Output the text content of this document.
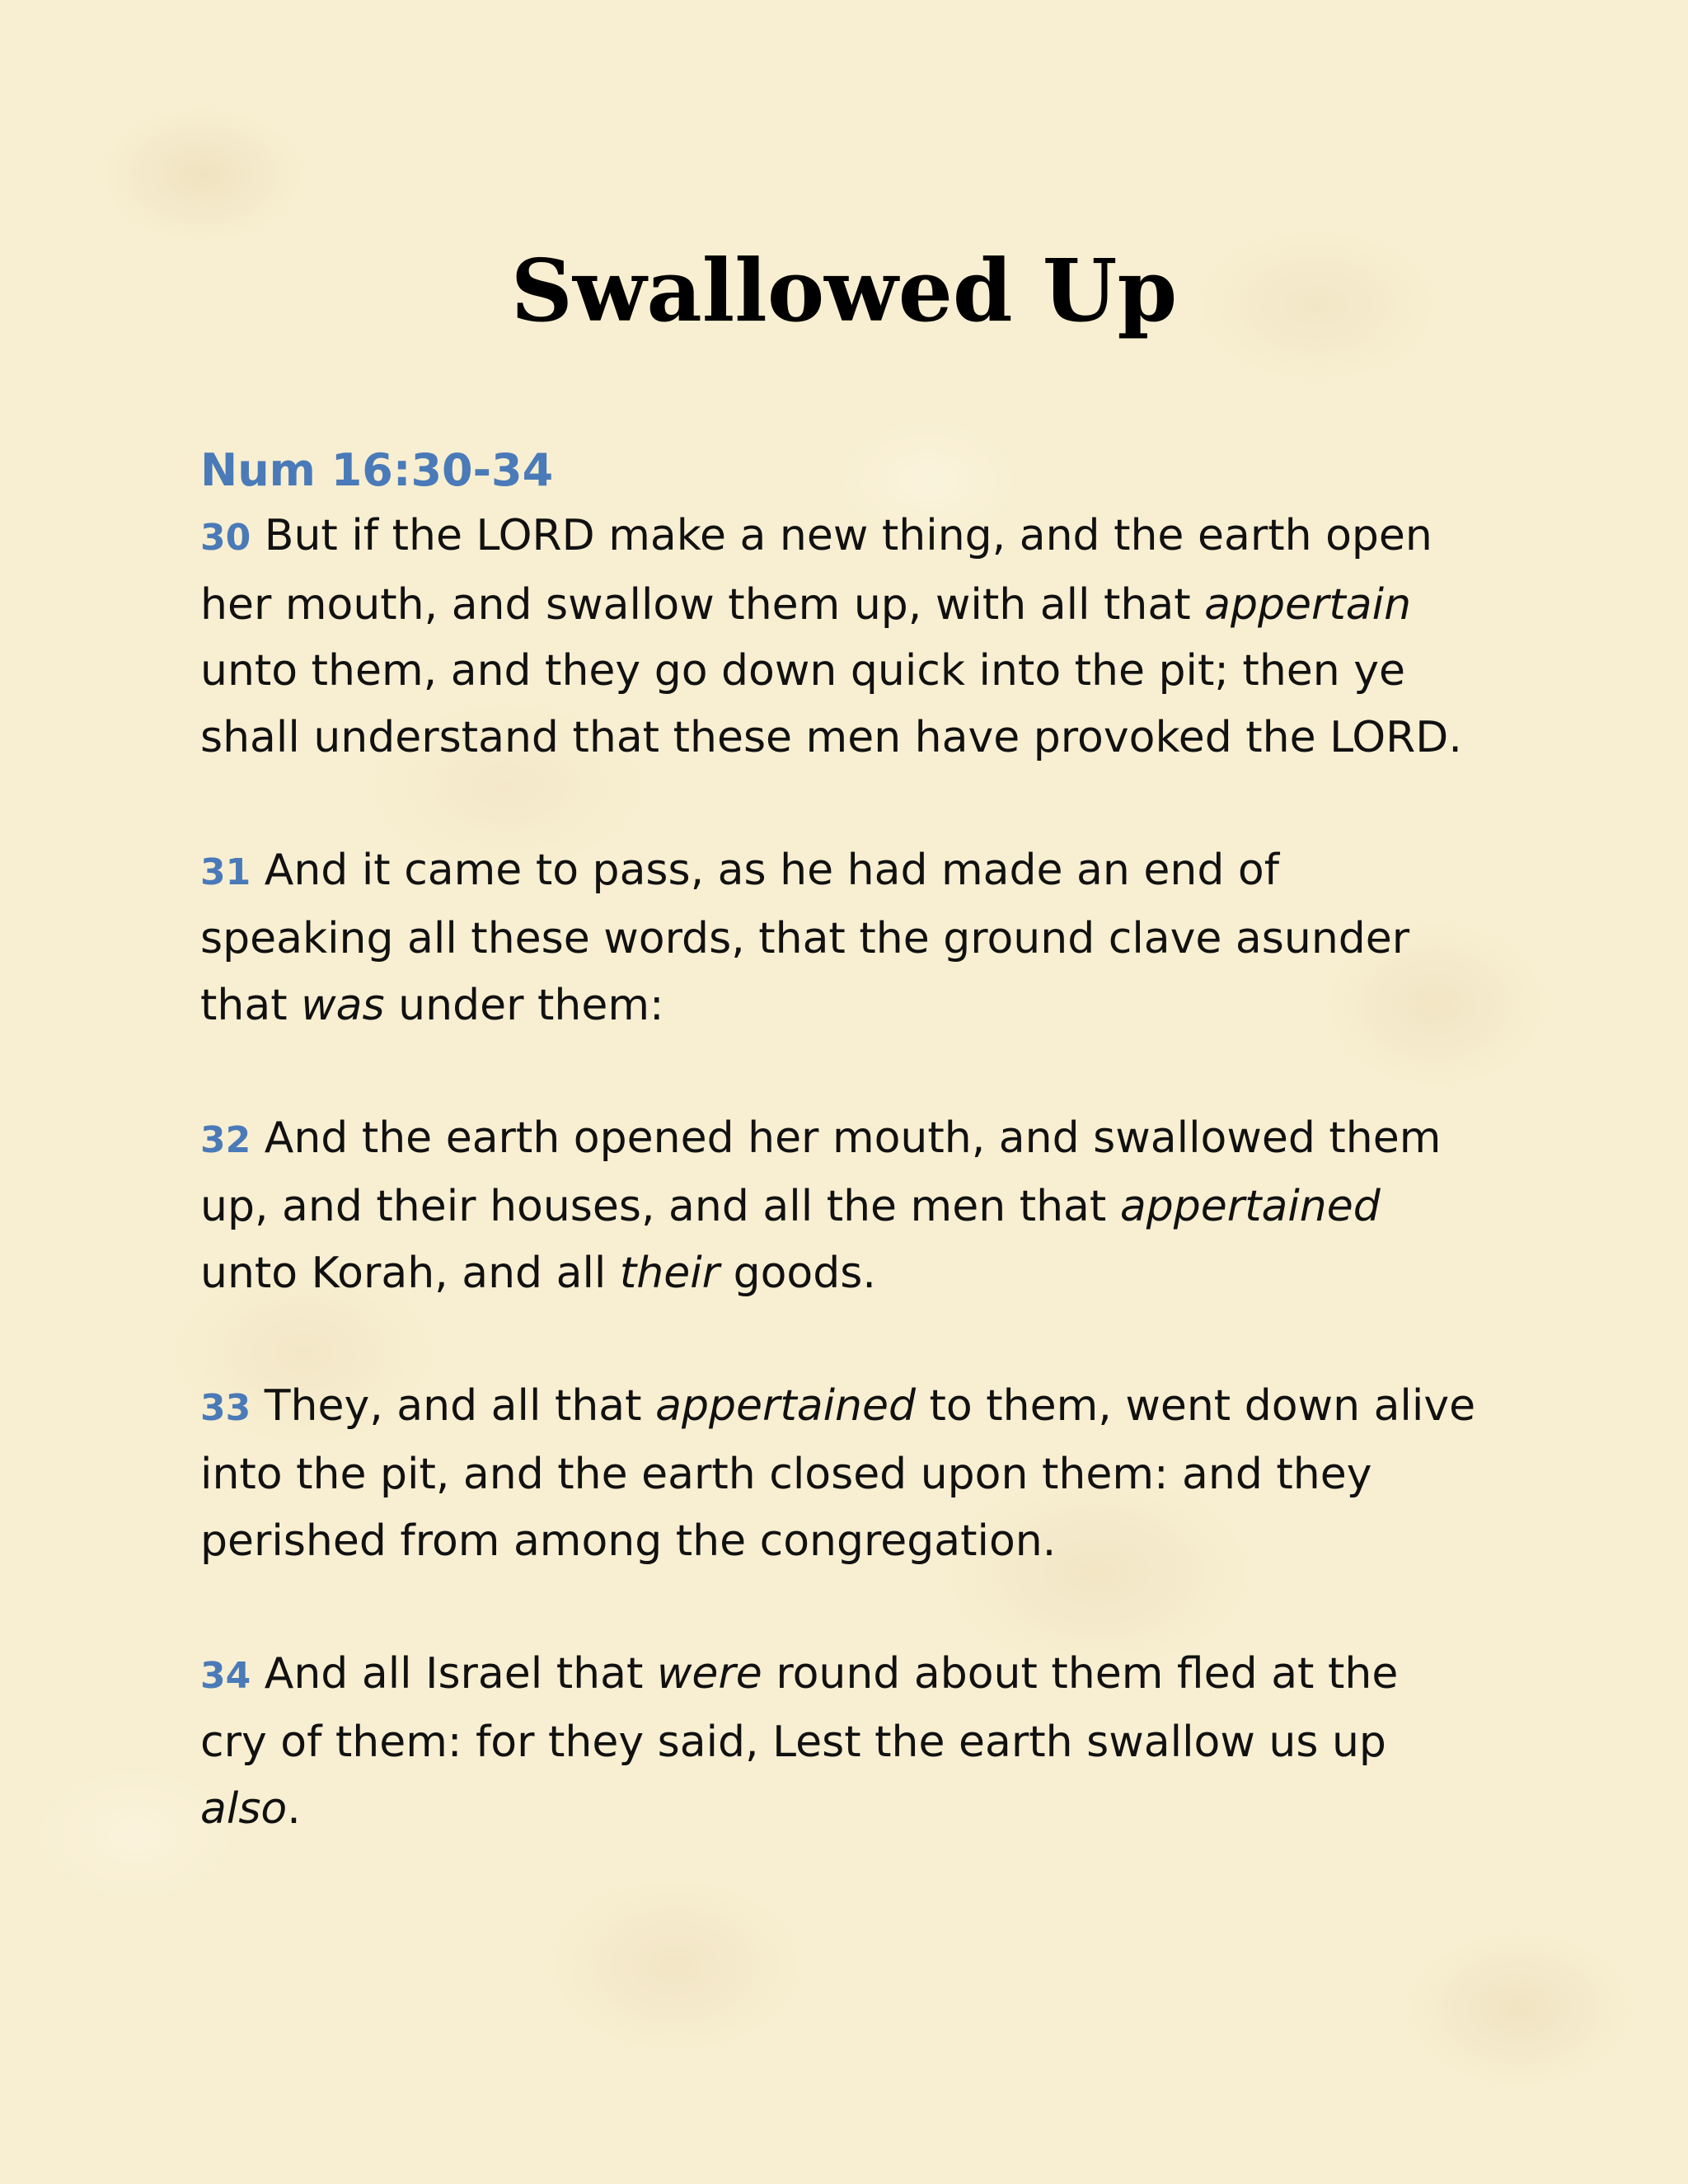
Swallowed Up

Num 16:30-34

30 But if the LORD make a new thing, and the earth open
her mouth, and swallow them up, with all that appertain
unto them, and they go down quick into the pit; then ye
shall understand that these men have provoked the LORD.

31 And it came to pass, as he had made an end of
speaking all these words, that the ground clave asunder
that was under them:

32 And the earth opened her mouth, and swallowed them
up, and their houses, and all the men that appertained
unto Korah, and all their goods.

33 They, and all that appertained to them, went down alive
into the pit, and the earth closed upon them: and they
perished from among the congregation.

34 And all Israel that were round about them fled at the
cry of them: for they said, Lest the earth swallow us up
also.
